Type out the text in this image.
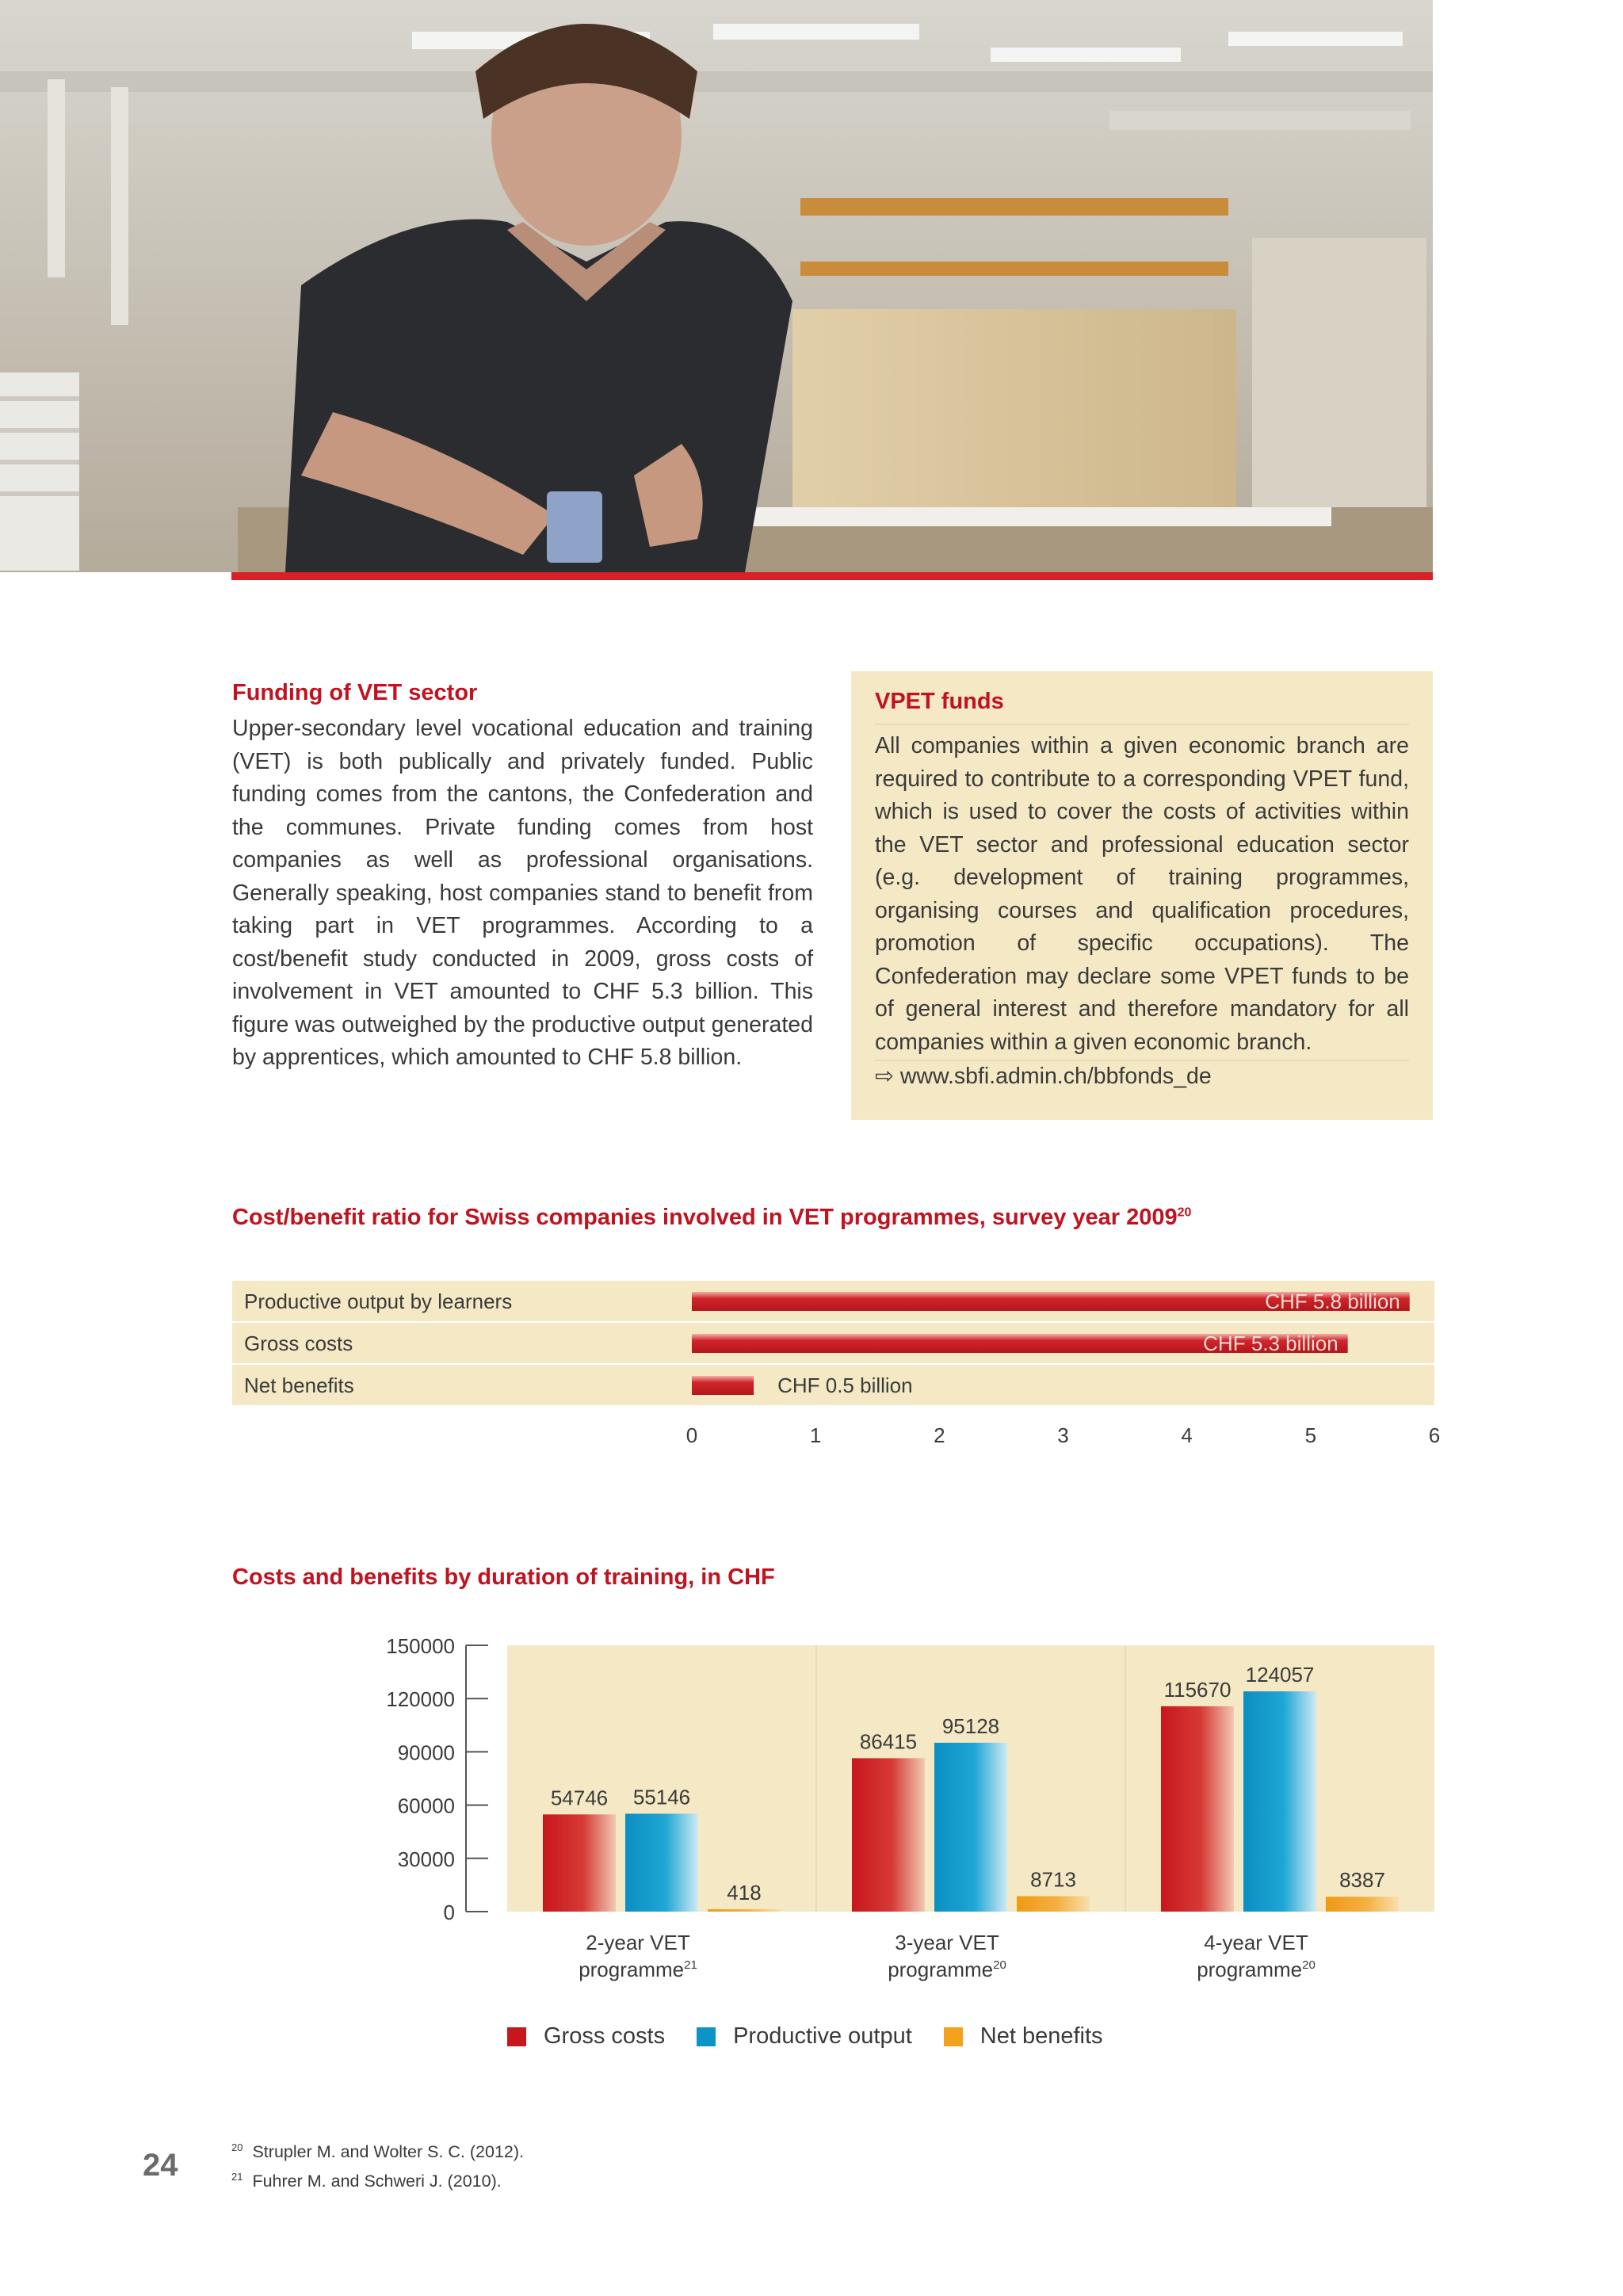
Funding of VET sector

Upper-secondary level vocational education and training (VET) is both publically and privately funded. Public funding comes from the cantons, the Confederation and the communes. Private funding comes from host companies as well as professional organisations. Generally speaking, host companies stand to benefit from taking part in VET programmes. According to a cost/benefit study conducted in 2009, gross costs of involvement in VET amounted to CHF 5.3 billion. This figure was outweighed by the productive output generated by apprentices, which amounted to CHF 5.8 billion.

VPET funds

All companies within a given economic branch are required to contribute to a corresponding VPET fund, which is used to cover the costs of activities within the VET sector and professional education sector (e.g. development of training programmes, organising courses and qualification procedures, promotion of specific occupations). The Confederation may declare some VPET funds to be of general interest and therefore mandatory for all companies within a given economic branch.

⇨ www.sbfi.admin.ch/bbfonds_de
Cost/benefit ratio for Swiss companies involved in VET programmes, survey year 2009$^{20}$
Productive output by learners
Gross costs
Net benefits
CHF 5.8 billion
CHF 5.3 billion
CHF 0.5 billion
0	1	2	3	4	5	6
Costs and benefits by duration of training, in CHF
0
30000
60000
90000
120000
150000
54746 55146
418
86415
95128
8713
115670
124057
8387
2-year VET
programme$^{21}$
3-year VET
programme$^{20}$
4-year VET
programme$^{20}$
Gross costs	Productive output	Net benefits
$^{20}$ Strupler M. and Wolter S. C. (2012).
$^{21}$ Fuhrer M. and Schweri J. (2010).
24
